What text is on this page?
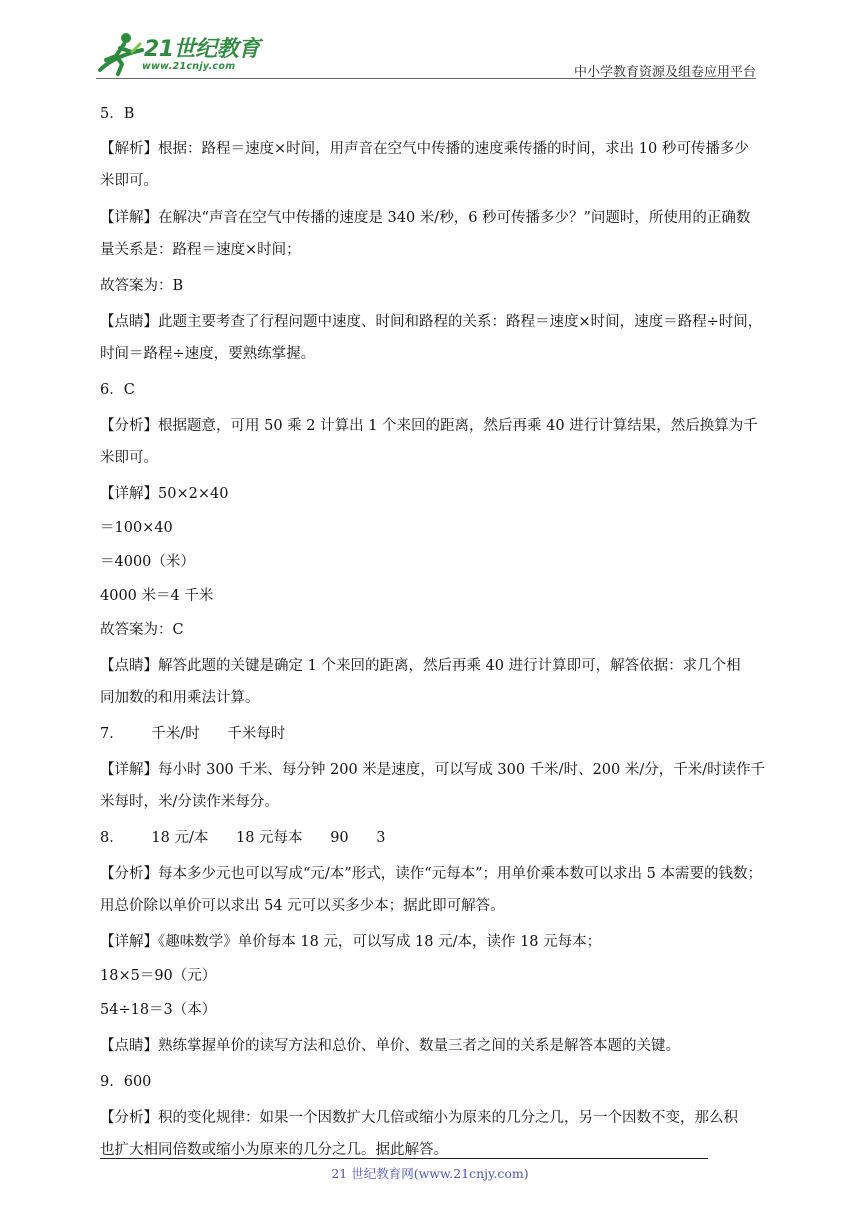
21世纪教育
www.21cnjy.com	中小学教育资源及组卷应用平台
5．B
【解析】根据：路程＝速度×时间，用声音在空气中传播的速度乘传播的时间，求出 10 秒可传播多少
米即可。
【详解】在解决“声音在空气中传播的速度是 340 米/秒，6 秒可传播多少？”问题时，所使用的正确数
量关系是：路程＝速度×时间；
故答案为：B
【点睛】此题主要考查了行程问题中速度、时间和路程的关系：路程＝速度×时间，速度＝路程÷时间，
时间＝路程÷速度，要熟练掌握。
6．C
【分析】根据题意，可用 50 乘 2 计算出 1 个来回的距离，然后再乘 40 进行计算结果，然后换算为千
米即可。
【详解】50×2×40
＝100×40
＝4000（米）
4000 米＝4 千米
故答案为：C
【点睛】解答此题的关键是确定 1 个来回的距离，然后再乘 40 进行计算即可，解答依据：求几个相
同加数的和用乘法计算。
7．      千米/时      千米每时
【详解】每小时 300 千米、每分钟 200 米是速度，可以写成 300 千米/时、200 米/分，千米/时读作千
米每时，米/分读作米每分。
8．      18 元/本      18 元每本      90      3
【分析】每本多少元也可以写成“元/本”形式，读作“元每本”；用单价乘本数可以求出 5 本需要的钱数；
用总价除以单价可以求出 54 元可以买多少本；据此即可解答。
【详解】《趣味数学》单价每本 18 元，可以写成 18 元/本，读作 18 元每本；
18×5＝90（元）
54÷18＝3（本）
【点睛】熟练掌握单价的读写方法和总价、单价、数量三者之间的关系是解答本题的关键。
9．600
【分析】积的变化规律：如果一个因数扩大几倍或缩小为原来的几分之几，另一个因数不变，那么积
也扩大相同倍数或缩小为原来的几分之几。据此解答。
21 世纪教育网(www.21cnjy.com)
